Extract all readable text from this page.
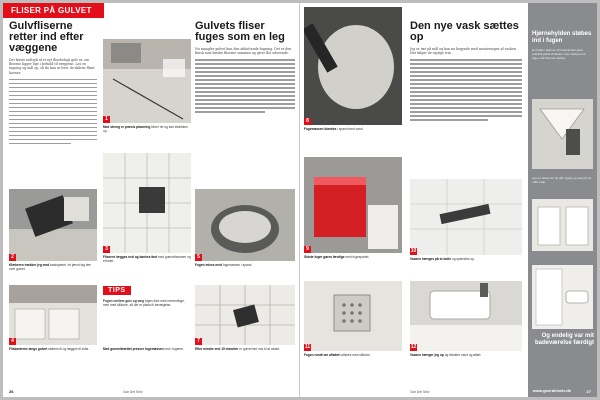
FLISER PÅ GULVET
Gulvfliserne retter ind efter væggene
Det første indtryk af et nyt flisebelagt gulv er, om fliserne ligger lige i forhold til væggene. Lav en tegning og mål op, så du kan se hvor de skårne fliser havner.
1
Med streng er præcis placering bliver ret og kan strækkes op.
Gulvets fliser fuges som en leg
Nu mangler gulvet kun den afsluttende fugning. Det er den finish som binder fliserne sammen og giver flot udseende.
2
Klæberen trækker jeg med tandspartel i et jævnt lag hen over gulvet.
3
Fliserne lægges ned og bankes fast med gummihammer og et bræt.
5
Fugen mixes med fugemassen i spand.
TIPS
Fugen mellem gulv og væg fuges ikke med cementfuge, men med silikone, så der er plads til bevægelse.
4
Fliskanterne langs gulvet skæres til og lægges til sidst.
7
Efter mindre end 15 minutter er gulvet tørt nok til at vaske.
Med gummibrættet presser fugemassen ned i fugerne.
26	Gør Det Selv
8
Fugemassen blandes i spand med vand.
Den nye vask sættes op
Jeg er tæt på mål og kan nu begynde med monteringen af vasken. Her følger de vigtige trin.
9
Sidste fuger gøres færdige med fugespartel.
10
Vasken hænges på to bolte og spændes op.
11
Fugen rundt om afløbet udføres med silikone.
12
Vasken hænger jeg op og tilslutter vand og afløb.
Hjørnehylden støbes ind i fugen
En hylde i hjørnet af brusenichen giver praktisk plads til flasker. Den støbes ind i fugen når fliserne sættes.
Lav en skitse før du går i gang og sørg for at måle nøje.
Og endelig var mit badeværelse færdigt
Gør Det Selv	www.goerdetselv.dk	27
